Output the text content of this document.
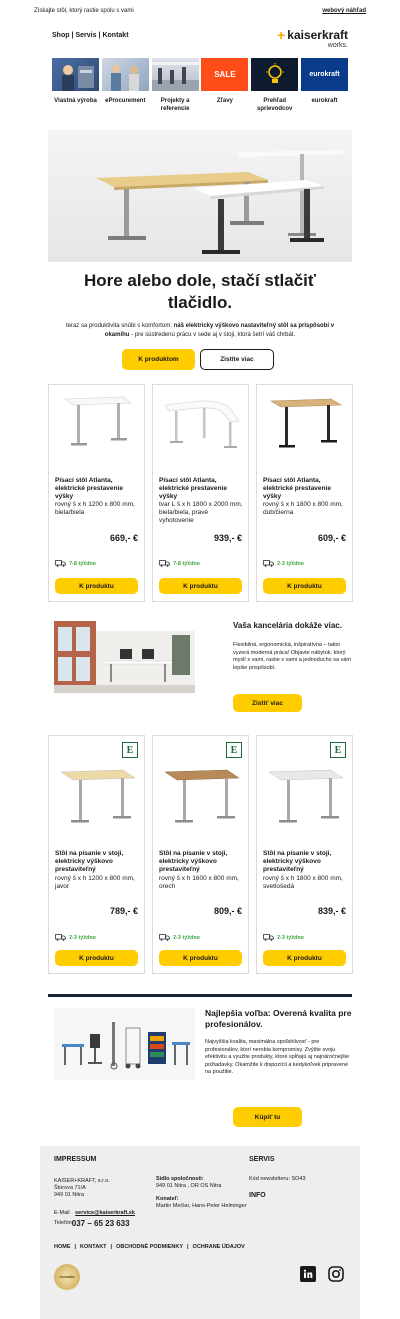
Získajte stôl, ktorý rastie spolu s vami	webový náhľad
Shop | Servis | Kontakt	+ kaiserkraft
works.
Vlastná výroba	eProcurement	Projekty a referencie
SALE
Zľavy	Prehľad sprievodcov
eurokraft
eurokraft
Hore alebo dole, stačí stlačiť tlačidlo.
teraz sa produktivita snúbi s komfortom: náš elektricky výškovo nastaviteľný stôl sa prispôsobí v okamihu - pre sústredenú prácu v sede aj v stoji, ktorá šetrí váš chrbát.
K produktom	Zistite viac
Písací stôl Atlanta, elektrické prestavenie výšky
rovný š x h 1200 x 800 mm, biela/biela
669,- €
7-8 týždne
K produktu
Písací stôl Atlanta, elektrické prestavenie výšky
tvar L š x h 1800 x 2000 mm, biela/biela, pravé vyhotovenie
939,- €
7-8 týždne
K produktu
Písací stôl Atlanta, elektrické prestavenie výšky
rovný š x h 1800 x 800 mm, dub/čierna
609,- €
2-3 týždne
K produktu
Vaša kancelária dokáže viac.
Flexibilná, ergonomická, inšpiratívna – takto vyzerá moderná práca! Objavte nábytok, ktorý myslí s vami, rastie s vami a jednoducho sa vám lepšie prispôsobí.
Zistiť viac
E
Stôl na písanie v stoji, elektricky výškovo prestaviteľný
rovný š x h 1200 x 800 mm, javor
789,- €
2-3 týždne
K produktu
E
Stôl na písanie v stoji, elektricky výškovo prestaviteľný
rovný š x h 1600 x 800 mm, orech
809,- €
2-3 týždne
K produktu
E
Stôl na písanie v stoji, elektricky výškovo prestaviteľný
rovný š x h 1800 x 800 mm, svetlošedá
839,- €
2-3 týždne
K produktu
Najlepšia voľba: Overená kvalita pre profesionálov.
Najvyššia kvalita, maximálna spoľahlivosť - pre profesionálov, ktorí nerobia kompromisy. Zvýšte svoju efektivitu a využite produkty, ktoré spĺňajú aj najnáročnejšie požiadavky. Okamžite k dispozícii a kedykoľvek pripravené na použitie.
Kúpiť tu
IMPRESSUM
KAISER+KRAFT, s.r.o.
Štúrova 71/A
949 01 Nitra
E-Mail service@kaiserkraft.sk
Telefón 037 – 65 23 633
Sídlo spoločnosti:
949 01 Nitra , OR OS Nitra
Konateľ:
Martin Mečiar, Hans-Peter Helminger
SERVIS
Kód newsletteru: SO43
INFO
HOME | KONTAKT | OBCHODNÉ PODMIENKY | OCHRANE ÚDAJOV
ecovadis
